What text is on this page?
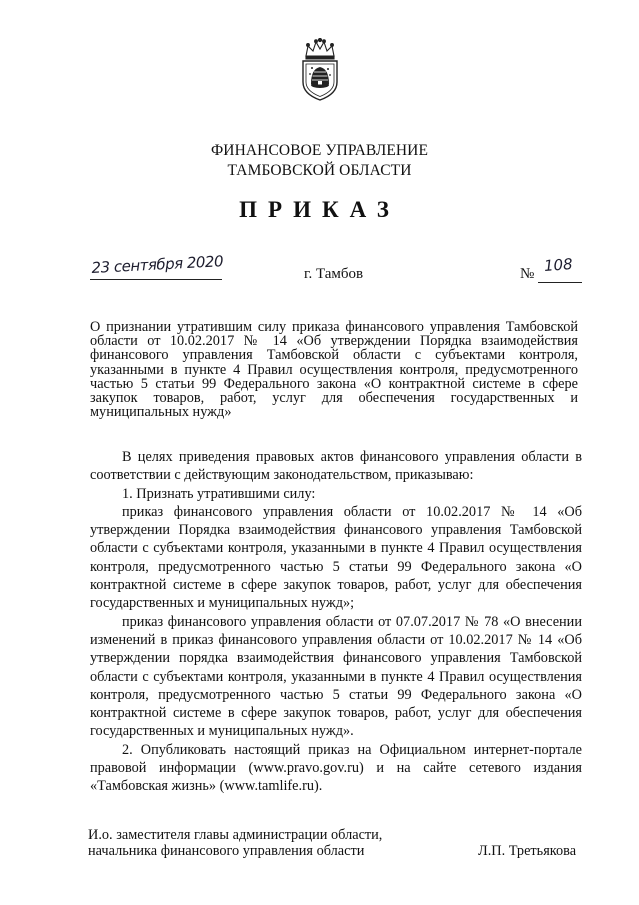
ФИНАНСОВОЕ УПРАВЛЕНИЕ
ТАМБОВСКОЙ ОБЛАСТИ
ПРИКАЗ
23 сентября 2020	г. Тамбов	№ 108
О признании утратившим силу приказа финансового управления Тамбовской области от 10.02.2017 № 14 «Об утверждении Порядка взаимодействия финансового управления Тамбовской области с субъектами контроля, указанными в пункте 4 Правил осуществления контроля, предусмотренного частью 5 статьи 99 Федерального закона «О контрактной системе в сфере закупок товаров, работ, услуг для обеспечения государственных и муниципальных нужд»

В целях приведения правовых актов финансового управления области в соответствии с действующим законодательством, приказываю:

1. Признать утратившими силу:

приказ финансового управления области от 10.02.2017 № 14 «Об утверждении Порядка взаимодействия финансового управления Тамбовской области с субъектами контроля, указанными в пункте 4 Правил осуществления контроля, предусмотренного частью 5 статьи 99 Федерального закона «О контрактной системе в сфере закупок товаров, работ, услуг для обеспечения государственных и муниципальных нужд»;

приказ финансового управления области от 07.07.2017 № 78 «О внесении изменений в приказ финансового управления области от 10.02.2017 № 14 «Об утверждении порядка взаимодействия финансового управления Тамбовской области с субъектами контроля, указанными в пункте 4 Правил осуществления контроля, предусмотренного частью 5 статьи 99 Федерального закона «О контрактной системе в сфере закупок товаров, работ, услуг для обеспечения государственных и муниципальных нужд».

2. Опубликовать настоящий приказ на Официальном интернет-портале правовой информации (www.pravo.gov.ru) и на сайте сетевого издания «Тамбовская жизнь» (www.tamlife.ru).

И.о. заместителя главы администрации области,
начальника финансового управления области	Л.П. Третьякова
